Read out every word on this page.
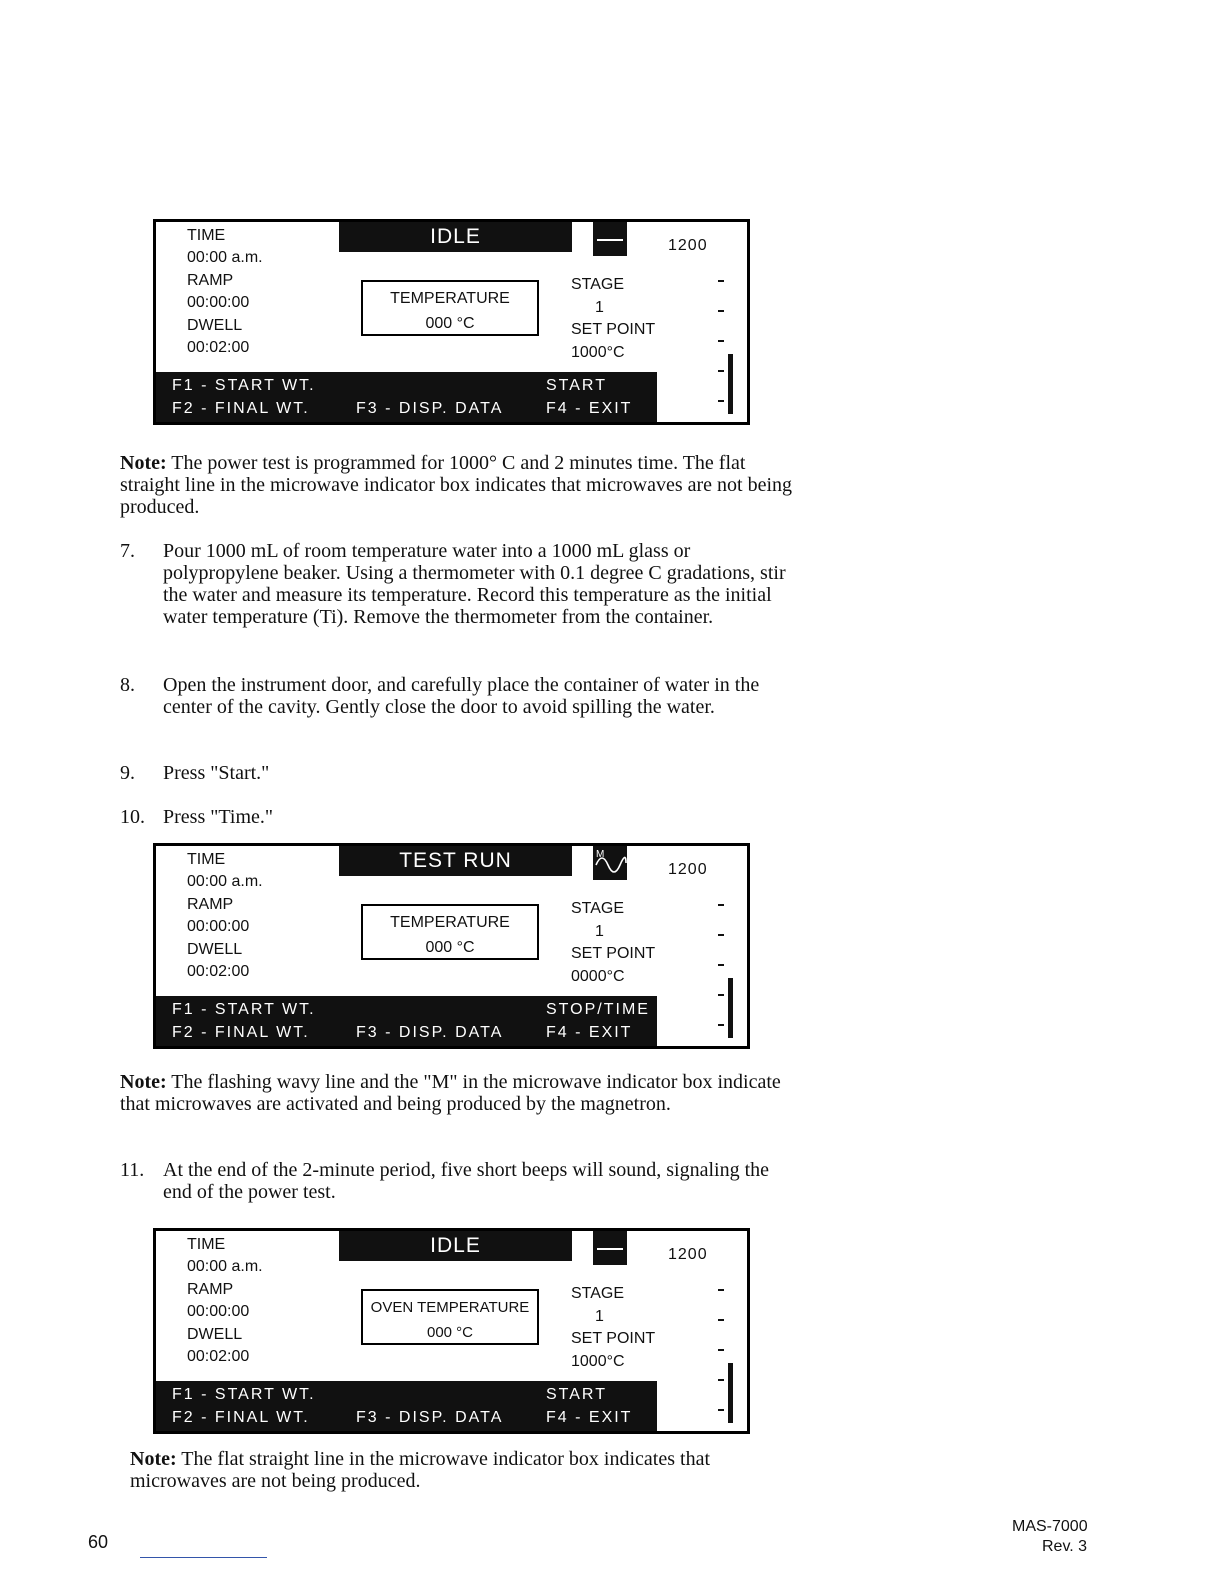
TIME
00:00 a.m.
RAMP
00:00:00
DWELL
00:02:00
IDLE	1200
TEMPERATURE
000 °C
STAGE
1
SET POINT
1000°C
F1 - START WT.
F2 - FINAL WT.	F3 - DISP. DATA
START
F4 - EXIT
Note: The power test is programmed for 1000° C and 2 minutes time. The flat straight line in the microwave indicator box indicates that microwaves are not being produced.
7. Pour 1000 mL of room temperature water into a 1000 mL glass or polypropylene beaker. Using a thermometer with 0.1 degree C gradations, stir the water and measure its temperature. Record this temperature as the initial water temperature (Ti). Remove the thermometer from the container.
8. Open the instrument door, and carefully place the container of water in the center of the cavity. Gently close the door to avoid spilling the water.
9. Press "Start."
10. Press "Time."
TIME
00:00 a.m.
RAMP
00:00:00
DWELL
00:02:00
TEST RUN	M
1200
TEMPERATURE
000 °C
STAGE
1
SET POINT
0000°C
F1 - START WT.
F2 - FINAL WT.	F3 - DISP. DATA
STOP/TIME
F4 - EXIT
Note: The flashing wavy line and the "M" in the microwave indicator box indicate that microwaves are activated and being produced by the magnetron.
11. At the end of the 2-minute period, five short beeps will sound, signaling the end of the power test.
TIME
00:00 a.m.
RAMP
00:00:00
DWELL
00:02:00
IDLE	1200
OVEN TEMPERATURE
000 °C
STAGE
1
SET POINT
1000°C
F1 - START WT.
F2 - FINAL WT.	F3 - DISP. DATA
START
F4 - EXIT
Note: The flat straight line in the microwave indicator box indicates that microwaves are not being produced.
60
MAS-7000
Rev. 3
